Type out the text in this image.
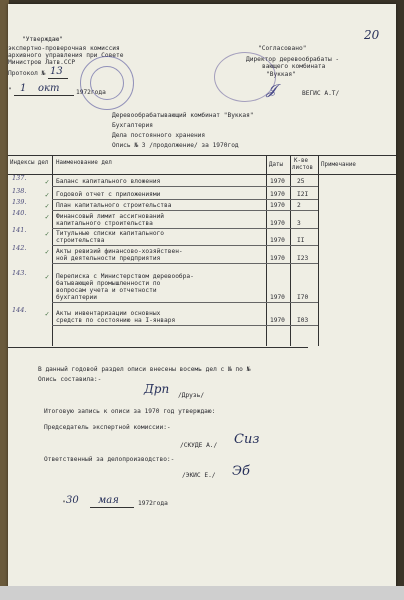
20
"Утверждаю"
экспертно-проверочная комиссия
архивного управления при Совете
Министров Латв.ССР
Протокол № 13
" 1 окт	1972года
"Согласовано"
Директор деревообрабаты -
вающего комбината
"Вуккая"
𝓙	ВЕГИС А.Т/
Деревообрабатывающий комбинат "Вуккая"
Бухгалтерия
Дела постоянного хранения
Опись № 3 /продолжение/ за 1970год
Индексы дел Наименование дел	Даты
К-ве
листов Примечание
137.	✓ Баланс капитального вложения	1970 25
138.	✓ Годовой отчет с приложениями	1970 I2I
139.	✓ План капитального строительства	1970 2
140.	✓ Финансовый лимит ассигнований
капитального строительства	1970 3
141.	✓ Титульные списки капитального
строительства	1970 II
142.	✓ Акты ревизий финансово-хозяйствен-
ной деятельности предприятия	1970 I23
143.	✓ Переписка с Министерством деревообра-
батывающей промышленности по
вопросам учета и отчетности
бухгалтерии	1970 I70
144.	✓ Акты инвентаризации основных
средств по состоянию на I-января	1970 I03
В данный годовой раздел описи внесены восемь дел с № по №
Опись составила:-
Дрп /Друзь/
Итоговую запись к описи за 1970 год утверждаю:
Председатель экспертной комиссии:-
/СКУДЕ А./ Сиз
Ответственный за делопроизводство:-
/ЭКИС Е./ Эб
" 30 мая	1972года
